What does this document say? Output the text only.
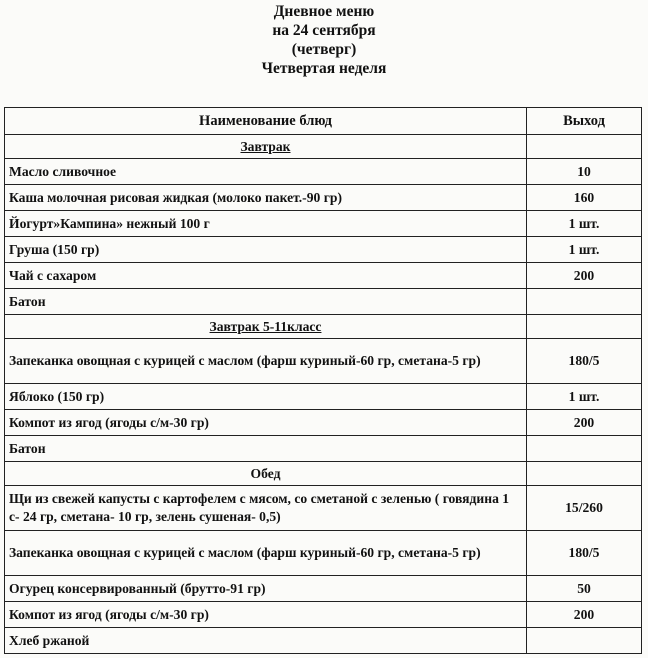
Дневное меню
на 24 сентября
(четверг)
Четвертая неделя
Наименование блюд	Выход
Завтрак	
Масло сливочное	10
Каша молочная рисовая жидкая (молоко пакет.-90 гр)	160
Йогурт»Кампина» нежный 100 г	1 шт.
Груша (150 гр)	1 шт.
Чай с сахаром	200
Батон	
Завтрак 5-11класс	
Запеканка овощная с курицей с маслом (фарш куриный-60 гр, сметана-5 гр)	180/5
Яблоко (150 гр)	1 шт.
Компот из ягод (ягоды с/м-30 гр)	200
Батон	
Обед	
Щи из свежей капусты с картофелем с мясом, со сметаной с зеленью ( говядина 1 с- 24 гр, сметана- 10 гр, зелень сушеная- 0,5)	15/260
Запеканка овощная с курицей с маслом (фарш куриный-60 гр, сметана-5 гр)	180/5
Огурец консервированный (брутто-91 гр)	50
Компот из ягод (ягоды с/м-30 гр)	200
Хлеб ржаной	
